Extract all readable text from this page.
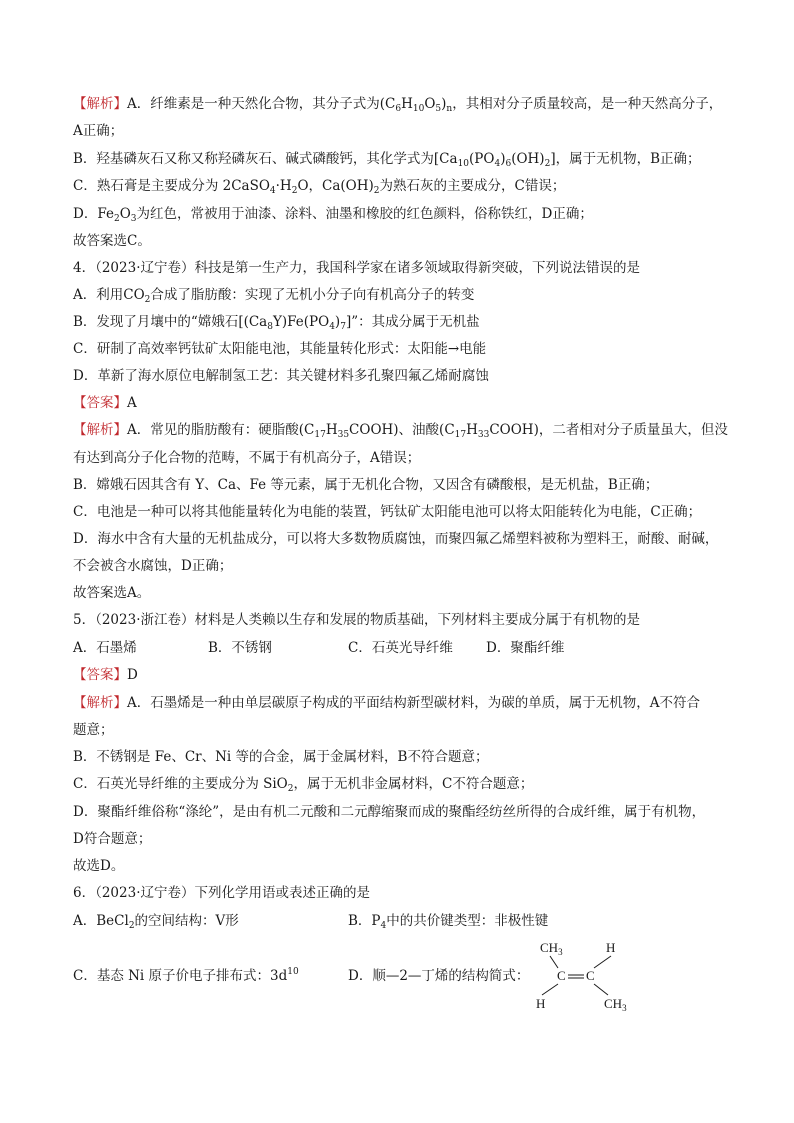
【解析】A．纤维素是一种天然化合物，其分子式为$(C_6H_{10}O_5)_n$，其相对分子质量较高，是一种天然高分子，
A正确；
B．羟基磷灰石又称又称羟磷灰石、碱式磷酸钙，其化学式为$[Ca_{10}(PO_4)_6(OH)_2]$，属于无机物，B正确；
C．熟石膏是主要成分为 $2CaSO_4\cdot H_2O$，$Ca(OH)_2$为熟石灰的主要成分，C错误；
D．$Fe_2O_3$为红色，常被用于油漆、涂料、油墨和橡胶的红色颜料，俗称铁红，D正确；
故答案选C。
4．（2023·辽宁卷）科技是第一生产力，我国科学家在诸多领域取得新突破，下列说法错误的是
A．利用$CO_2$合成了脂肪酸：实现了无机小分子向有机高分子的转变
B．发现了月壤中的“嫦娥石$[(Ca_8Y)Fe(PO_4)_7]$”：其成分属于无机盐
C．研制了高效率钙钛矿太阳能电池，其能量转化形式：太阳能→电能
D．革新了海水原位电解制氢工艺：其关键材料多孔聚四氟乙烯耐腐蚀
【答案】A
【解析】A．常见的脂肪酸有：硬脂酸$(C_{17}H_{35}COOH)$、油酸$(C_{17}H_{33}COOH)$，二者相对分子质量虽大，但没
有达到高分子化合物的范畴，不属于有机高分子，A错误；
B．嫦娥石因其含有 Y、Ca、Fe 等元素，属于无机化合物，又因含有磷酸根，是无机盐，B正确；
C．电池是一种可以将其他能量转化为电能的装置，钙钛矿太阳能电池可以将太阳能转化为电能，C正确；
D．海水中含有大量的无机盐成分，可以将大多数物质腐蚀，而聚四氟乙烯塑料被称为塑料王，耐酸、耐碱，
不会被含水腐蚀，D正确；
故答案选A。
5．（2023·浙江卷）材料是人类赖以生存和发展的物质基础，下列材料主要成分属于有机物的是
A．石墨烯	B．不锈钢	C．石英光导纤维 D．聚酯纤维
【答案】D
【解析】A．石墨烯是一种由单层碳原子构成的平面结构新型碳材料，为碳的单质，属于无机物，A不符合
题意；
B．不锈钢是 Fe、Cr、Ni 等的合金，属于金属材料，B不符合题意；
C．石英光导纤维的主要成分为 SiO$_2$，属于无机非金属材料，C不符合题意；
D．聚酯纤维俗称“涤纶”，是由有机二元酸和二元醇缩聚而成的聚酯经纺丝所得的合成纤维，属于有机物，
D符合题意；
故选D。
6．（2023·辽宁卷）下列化学用语或表述正确的是
A．BeCl$_2$的空间结构：V形	B．$P_4$中的共价键类型：非极性键
C．基态 Ni 原子价电子排布式：$3d^{10}$	D．顺—2—丁烯的结构简式：
$CH_3$	H
C C
H	$CH_3$
